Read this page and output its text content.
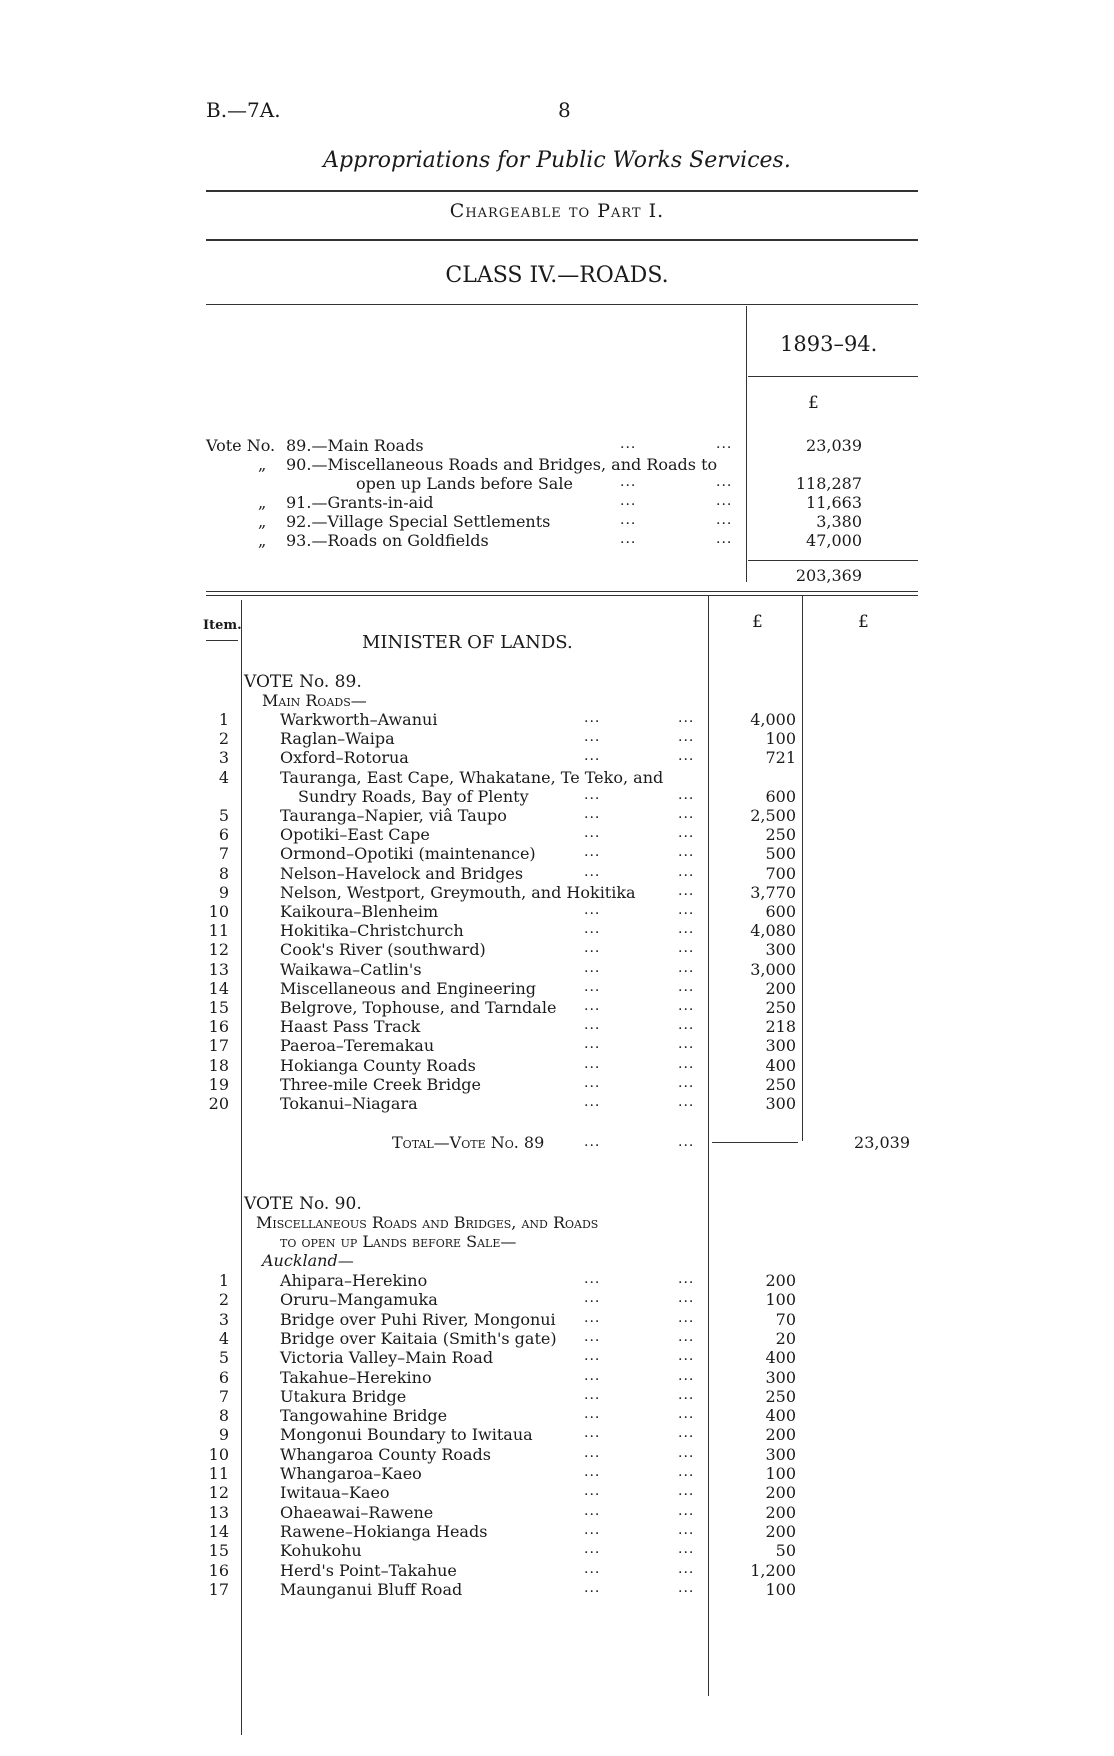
B.—7A.	8
Appropriations for Public Works Services.
Chargeable to Part I.
CLASS IV.—ROADS.
Vote No. 89.—Main Roads	...	...	23,039
„ 90.—Miscellaneous Roads and Bridges, and Roads to
open up Lands before Sale	...	...	118,287
„ 91.—Grants-in-aid	...	...	11,663
„ 92.—Village Special Settlements	...	...	3,380
„ 93.—Roads on Goldfields	...	...	47,000
1893–94.
£
203,369
Item.
MINISTER OF LANDS.
£	£
VOTE No. 89.
Main Roads—
1	Warkworth–Awanui	...	...	4,000
2	Raglan–Waipa	...	...	100
3	Oxford–Rotorua	...	...	721
4	Tauranga, East Cape, Whakatane, Te Teko, and
Sundry Roads, Bay of Plenty	...	...	600
5	Tauranga–Napier, viâ Taupo	...	...	2,500
6	Opotiki–East Cape	...	...	250
7	Ormond–Opotiki (maintenance)	...	...	500
8	Nelson–Havelock and Bridges	...	...	700
9	Nelson, Westport, Greymouth, and Hokitika	...	3,770
10	Kaikoura–Blenheim	...	...	600
11	Hokitika–Christchurch	...	...	4,080
12	Cook's River (southward)	...	...	300
13	Waikawa–Catlin's	...	...	3,000
14	Miscellaneous and Engineering	...	...	200
15	Belgrove, Tophouse, and Tarndale ...	...	250
16	Haast Pass Track	...	...	218
17	Paeroa–Teremakau	...	...	300
18	Hokianga County Roads	...	...	400
19	Three-mile Creek Bridge	...	...	250
20	Tokanui–Niagara	...	...	300
Total—Vote No. 89	...	...	23,039
VOTE No. 90.
Miscellaneous Roads and Bridges, and Roads
to open up Lands before Sale—
Auckland—
1	Ahipara–Herekino	...	...	200
2	Oruru–Mangamuka	...	...	100
3	Bridge over Puhi River, Mongonui ...	...	70
4	Bridge over Kaitaia (Smith's gate) ...	...	20
5	Victoria Valley–Main Road	...	...	400
6	Takahue–Herekino	...	...	300
7	Utakura Bridge	...	...	250
8	Tangowahine Bridge	...	...	400
9	Mongonui Boundary to Iwitaua	...	...	200
10	Whangaroa County Roads	...	...	300
11	Whangaroa–Kaeo	...	...	100
12	Iwitaua–Kaeo	...	...	200
13	Ohaeawai–Rawene	...	...	200
14	Rawene–Hokianga Heads	...	...	200
15	Kohukohu	...	...	50
16	Herd's Point–Takahue	...	...	1,200
17	Maunganui Bluff Road	...	...	100
